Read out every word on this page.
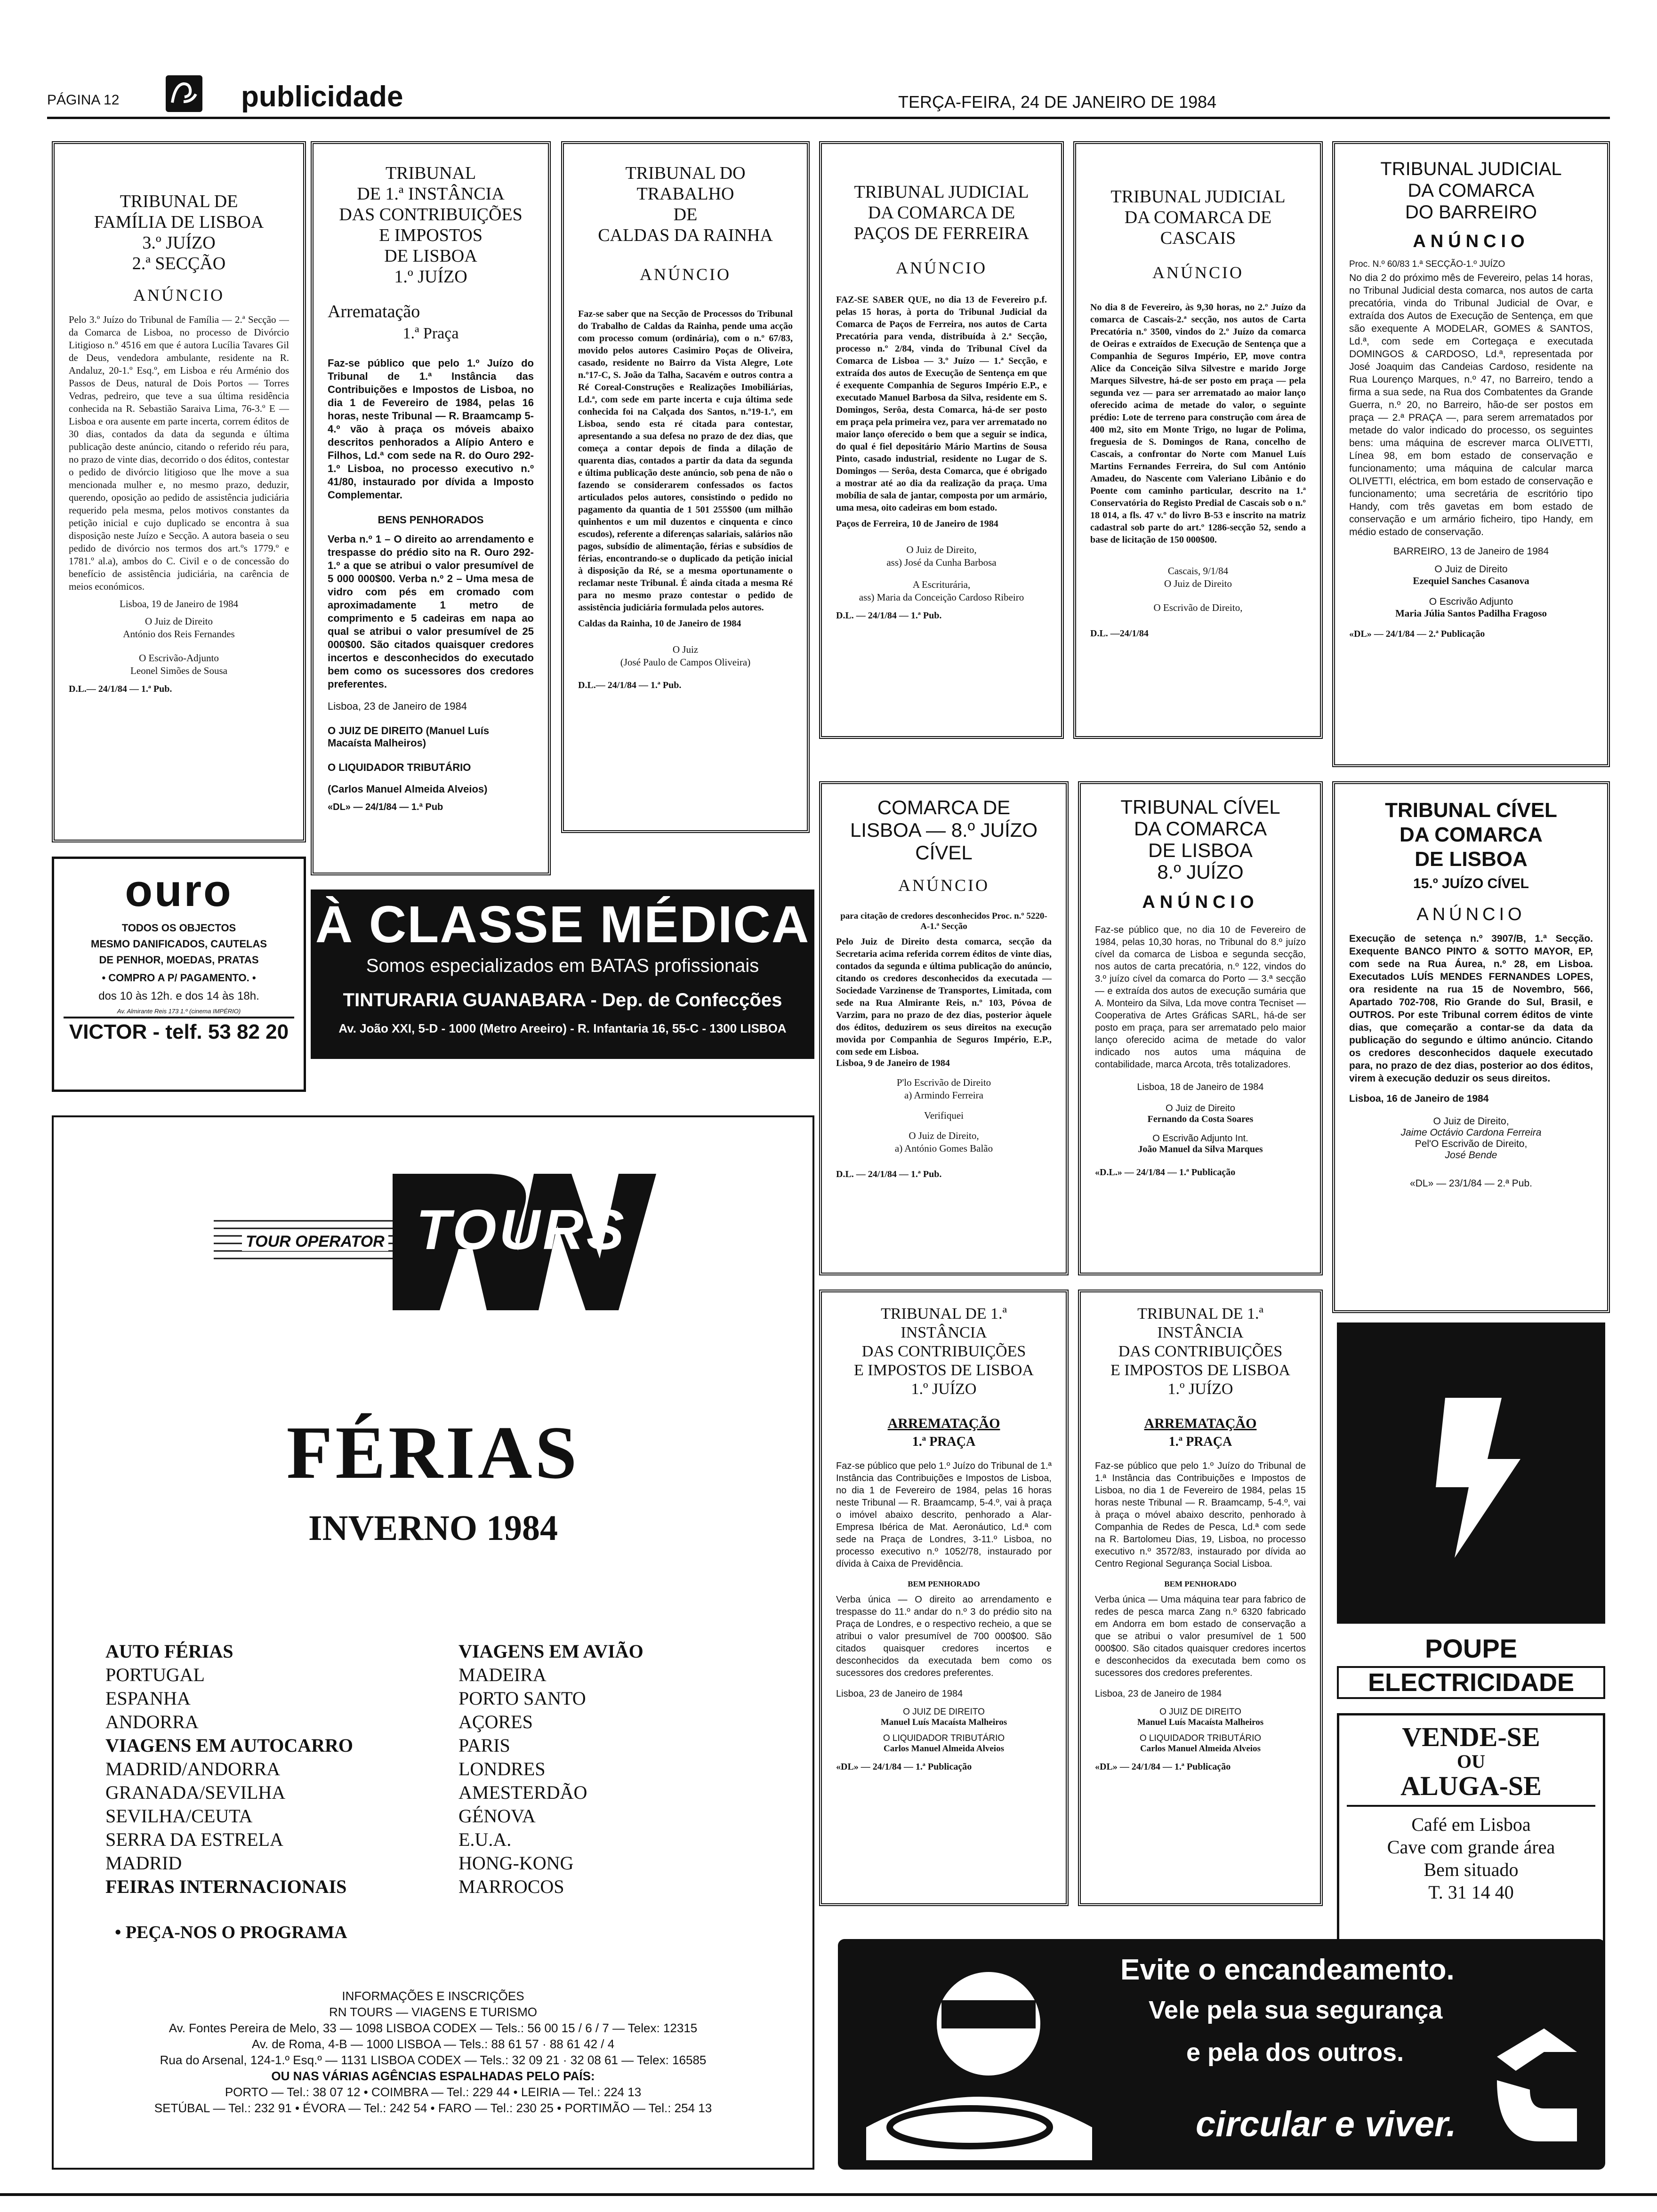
PÁGINA 12	publicidade	TERÇA-FEIRA, 24 DE JANEIRO DE 1984
TRIBUNAL DE
FAMÍLIA DE LISBOA
3.º JUÍZO
2.ª SECÇÃO
ANÚNCIO

Pelo 3.º Juízo do Tribunal de Família — 2.ª Secção — da Comarca de Lisboa, no processo de Divórcio Litigioso n.º 4516 em que é autora Lucília Tavares Gil de Deus, vendedora ambulante, residente na R. Andaluz, 20-1.º Esq.º, em Lisboa e réu Arménio dos Passos de Deus, natural de Dois Portos — Torres Vedras, pedreiro, que teve a sua última residência conhecida na R. Sebastião Saraiva Lima, 76-3.º E — Lisboa e ora ausente em parte incerta, correm éditos de 30 dias, contados da data da segunda e última publicação deste anúncio, citando o referido réu para, no prazo de vinte dias, decorrido o dos éditos, contestar o pedido de divórcio litigioso que lhe move a sua mencionada mulher e, no mesmo prazo, deduzir, querendo, oposição ao pedido de assistência judiciária requerido pela mesma, pelos motivos constantes da petição inicial e cujo duplicado se encontra à sua disposição neste Juízo e Secção. A autora baseia o seu pedido de divórcio nos termos dos art.ºs 1779.º e 1781.º al.a), ambos do C. Civil e o de concessão do benefício de assistência judiciária, na carência de meios económicos.

Lisboa, 19 de Janeiro de 1984
O Juiz de Direito
António dos Reis Fernandes
O Escrivão-Adjunto
Leonel Simões de Sousa
D.L.— 24/1/84 — 1.ª Pub.
TRIBUNAL
DE 1.ª INSTÂNCIA
DAS CONTRIBUIÇÕES
E IMPOSTOS
DE LISBOA
1.º JUÍZO
Arrematação
1.ª Praça

Faz-se público que pelo 1.º Juízo do Tribunal de 1.ª Instância das Contribuições e Impostos de Lisboa, no dia 1 de Fevereiro de 1984, pelas 16 horas, neste Tribunal — R. Braamcamp 5-4.º vão à praça os móveis abaixo descritos penhorados a Alípio Antero e Filhos, Ld.ª com sede na R. do Ouro 292-1.º Lisboa, no processo executivo n.º 41/80, instaurado por dívida a Imposto Complementar.

BENS PENHORADOS

Verba n.º 1 – O direito ao arrendamento e trespasse do prédio sito na R. Ouro 292-1.º a que se atribui o valor presumível de 5 000 000$00. Verba n.º 2 – Uma mesa de vidro com pés em cromado com aproximadamente 1 metro de comprimento e 5 cadeiras em napa ao qual se atribui o valor presumível de 25 000$00. São citados quaisquer credores incertos e desconhecidos do executado bem como os sucessores dos credores preferentes.

Lisboa, 23 de Janeiro de 1984
O JUIZ DE DIREITO (Manuel Luís Macaísta Malheiros)
O LIQUIDADOR TRIBUTÁRIO
(Carlos Manuel Almeida Alveios)
«DL» — 24/1/84 — 1.ª Pub
TRIBUNAL DO
TRABALHO
DE
CALDAS DA RAINHA
ANÚNCIO

Faz-se saber que na Secção de Processos do Tribunal do Trabalho de Caldas da Rainha, pende uma acção com processo comum (ordinária), com o n.º 67/83, movido pelos autores Casimiro Poças de Oliveira, casado, residente no Bairro da Vista Alegre, Lote n.º17-C, S. João da Talha, Sacavém e outros contra a Ré Coreal-Construções e Realizações Imobiliárias, Ld.ª, com sede em parte incerta e cuja última sede conhecida foi na Calçada dos Santos, n.º19-1.º, em Lisboa, sendo esta ré citada para contestar, apresentando a sua defesa no prazo de dez dias, que começa a contar depois de finda a dilação de quarenta dias, contados a partir da data da segunda e última publicação deste anúncio, sob pena de não o fazendo se considerarem confessados os factos articulados pelos autores, consistindo o pedido no pagamento da quantia de 1 501 255$00 (um milhão quinhentos e um mil duzentos e cinquenta e cinco escudos), referente a diferenças salariais, salários não pagos, subsídio de alimentação, férias e subsídios de férias, encontrando-se o duplicado da petição inicial à disposição da Ré, se a mesma oportunamente o reclamar neste Tribunal. É ainda citada a mesma Ré para no mesmo prazo contestar o pedido de assistência judiciária formulada pelos autores.

Caldas da Rainha, 10 de Janeiro de 1984
O Juiz
(José Paulo de Campos Oliveira)
D.L.— 24/1/84 — 1.ª Pub.
TRIBUNAL JUDICIAL
DA COMARCA DE
PAÇOS DE FERREIRA
ANÚNCIO

FAZ-SE SABER QUE, no dia 13 de Fevereiro p.f. pelas 15 horas, à porta do Tribunal Judicial da Comarca de Paços de Ferreira, nos autos de Carta Precatória para venda, distribuída à 2.ª Secção, processo n.º 2/84, vinda do Tribunal Cível da Comarca de Lisboa — 3.º Juízo — 1.ª Secção, e extraída dos autos de Execução de Sentença em que é exequente Companhia de Seguros Império E.P., e executado Manuel Barbosa da Silva, residente em S. Domingos, Serôa, desta Comarca, há-de ser posto em praça pela primeira vez, para ver arrematado no maior lanço oferecido o bem que a seguir se indica, do qual é fiel depositário Mário Martins de Sousa Pinto, casado industrial, residente no Lugar de S. Domingos — Serôa, desta Comarca, que é obrigado a mostrar até ao dia da realização da praça. Uma mobília de sala de jantar, composta por um armário, uma mesa, oito cadeiras em bom estado.

Paços de Ferreira, 10 de Janeiro de 1984
O Juiz de Direito,
ass) José da Cunha Barbosa
A Escriturária,
ass) Maria da Conceição Cardoso Ribeiro
D.L. — 24/1/84 — 1.ª Pub.
TRIBUNAL JUDICIAL
DA COMARCA DE
CASCAIS
ANÚNCIO

No dia 8 de Fevereiro, às 9,30 horas, no 2.º Juízo da comarca de Cascais-2.ª secção, nos autos de Carta Precatória n.º 3500, vindos do 2.º Juízo da comarca de Oeiras e extraídos de Execução de Sentença que a Companhia de Seguros Império, EP, move contra Alice da Conceição Silva Silvestre e marido Jorge Marques Silvestre, há-de ser posto em praça — pela segunda vez — para ser arrematado ao maior lanço oferecido acima de metade do valor, o seguinte prédio: Lote de terreno para construção com área de 400 m2, sito em Monte Trigo, no lugar de Polima, freguesia de S. Domingos de Rana, concelho de Cascais, a confrontar do Norte com Manuel Luís Martins Fernandes Ferreira, do Sul com António Amadeu, do Nascente com Valeriano Libânio e do Poente com caminho particular, descrito na 1.ª Conservatória do Registo Predial de Cascais sob o n.º 18 014, a fls. 47 v.º do livro B-53 e inscrito na matriz cadastral sob parte do art.º 1286-secção 52, sendo a base de licitação de 150 000$00.

Cascais, 9/1/84
O Juiz de Direito
O Escrivão de Direito,
D.L. —24/1/84
TRIBUNAL JUDICIAL
DA COMARCA
DO BARREIRO
ANÚNCIO
Proc. N.º 60/83 1.ª SECÇÃO-1.º JUÍZO

No dia 2 do próximo mês de Fevereiro, pelas 14 horas, no Tribunal Judicial desta comarca, nos autos de carta precatória, vinda do Tribunal Judicial de Ovar, e extraída dos Autos de Execução de Sentença, em que são exequente A MODELAR, GOMES & SANTOS, Ld.ª, com sede em Cortegaça e executada DOMINGOS & CARDOSO, Ld.ª, representada por José Joaquim das Candeias Cardoso, residente na Rua Lourenço Marques, n.º 47, no Barreiro, tendo a firma a sua sede, na Rua dos Combatentes da Grande Guerra, n.º 20, no Barreiro, hão-de ser postos em praça — 2.ª PRAÇA —, para serem arrematados por metade do valor indicado do processo, os seguintes bens: uma máquina de escrever marca OLIVETTI, Línea 98, em bom estado de conservação e funcionamento; uma máquina de calcular marca OLIVETTI, eléctrica, em bom estado de conservação e funcionamento; uma secretária de escritório tipo Handy, com três gavetas em bom estado de conservação e um armário ficheiro, tipo Handy, em médio estado de conservação.

BARREIRO, 13 de Janeiro de 1984
O Juiz de Direito
Ezequiel Sanches Casanova
O Escrivão Adjunto
Maria Júlia Santos Padilha Fragoso
«DL» — 24/1/84 — 2.ª Publicação
ouro
TODOS OS OBJECTOS
MESMO DANIFICADOS, CAUTELAS
DE PENHOR, MOEDAS, PRATAS
• COMPRO A P/ PAGAMENTO. •
dos 10 às 12h. e dos 14 às 18h.
Av. Almirante Reis 173 1.º (cinema IMPÉRIO)
VICTOR - telf. 53 82 20
À CLASSE MÉDICA
Somos especializados em BATAS profissionais
TINTURARIA GUANABARA - Dep. de Confecções
Av. João XXI, 5-D - 1000 (Metro Areeiro) - R. Infantaria 16, 55-C - 1300 LISBOA
TOUR OPERATOR TOURS
FÉRIAS
INVERNO 1984
AUTO FÉRIAS
PORTUGAL
ESPANHA
ANDORRA
VIAGENS EM AUTOCARRO
MADRID/ANDORRA
GRANADA/SEVILHA
SEVILHA/CEUTA
SERRA DA ESTRELA
MADRID
FEIRAS INTERNACIONAIS
VIAGENS EM AVIÃO
MADEIRA
PORTO SANTO
AÇORES
PARIS
LONDRES
AMESTERDÃO
GÉNOVA
E.U.A.
HONG-KONG
MARROCOS
• PEÇA-NOS O PROGRAMA
INFORMAÇÕES E INSCRIÇÕES
RN TOURS — VIAGENS E TURISMO
Av. Fontes Pereira de Melo, 33 — 1098 LISBOA CODEX — Tels.: 56 00 15 / 6 / 7 — Telex: 12315
Av. de Roma, 4-B — 1000 LISBOA — Tels.: 88 61 57 · 88 61 42 / 4
Rua do Arsenal, 124-1.º Esq.º — 1131 LISBOA CODEX — Tels.: 32 09 21 · 32 08 61 — Telex: 16585
OU NAS VÁRIAS AGÊNCIAS ESPALHADAS PELO PAÍS:
PORTO — Tel.: 38 07 12 • COIMBRA — Tel.: 229 44 • LEIRIA — Tel.: 224 13
SETÚBAL — Tel.: 232 91 • ÉVORA — Tel.: 242 54 • FARO — Tel.: 230 25 • PORTIMÃO — Tel.: 254 13
COMARCA DE
LISBOA — 8.º JUÍZO
CÍVEL
ANÚNCIO
para citação de credores desconhecidos Proc. n.º 5220-A-1.ª Secção

Pelo Juiz de Direito desta comarca, secção da Secretaria acima referida correm éditos de vinte dias, contados da segunda e última publicação do anúncio, citando os credores desconhecidos da executada — Sociedade Varzinense de Transportes, Limitada, com sede na Rua Almirante Reis, n.º 103, Póvoa de Varzim, para no prazo de dez dias, posterior àquele dos éditos, deduzirem os seus direitos na execução movida por Companhia de Seguros Império, E.P., com sede em Lisboa.

Lisboa, 9 de Janeiro de 1984
P'lo Escrivão de Direito
a) Armindo Ferreira
Verifiquei
O Juiz de Direito,
a) António Gomes Balão
D.L. — 24/1/84 — 1.ª Pub.
TRIBUNAL CÍVEL
DA COMARCA
DE LISBOA
8.º JUÍZO
ANÚNCIO

Faz-se público que, no dia 10 de Fevereiro de 1984, pelas 10,30 horas, no Tribunal do 8.º juízo cível da comarca de Lisboa e segunda secção, nos autos de carta precatória, n.º 122, vindos do 3.º juízo cível da comarca do Porto — 3.ª secção — e extraída dos autos de execução sumária que A. Monteiro da Silva, Lda move contra Tecniset — Cooperativa de Artes Gráficas SARL, há-de ser posto em praça, para ser arrematado pelo maior lanço oferecido acima de metade do valor indicado nos autos uma máquina de contabilidade, marca Arcota, três totalizadores.

Lisboa, 18 de Janeiro de 1984
O Juiz de Direito
Fernando da Costa Soares
O Escrivão Adjunto Int.
João Manuel da Silva Marques
«D.L.» — 24/1/84 — 1.ª Publicação
TRIBUNAL CÍVEL
DA COMARCA
DE LISBOA
15.º JUÍZO CÍVEL
ANÚNCIO

Execução de setença n.º 3907/B, 1.ª Secção. Exequente BANCO PINTO & SOTTO MAYOR, EP, com sede na Rua Áurea, n.º 28, em Lisboa. Executados LUÍS MENDES FERNANDES LOPES, ora residente na rua 15 de Novembro, 566, Apartado 702-708, Rio Grande do Sul, Brasil, e OUTROS. Por este Tribunal correm éditos de vinte dias, que começarão a contar-se da data da publicação do segundo e último anúncio. Citando os credores desconhecidos daquele executado para, no prazo de dez dias, posterior ao dos éditos, virem à execução deduzir os seus direitos.

Lisboa, 16 de Janeiro de 1984
O Juiz de Direito,
Jaime Octávio Cardona Ferreira
Pel'O Escrivão de Direito,
José Bende
«DL» — 23/1/84 — 2.ª Pub.
TRIBUNAL DE 1.ª INSTÂNCIA
DAS CONTRIBUIÇÕES
E IMPOSTOS DE LISBOA
1.º JUÍZO
ARREMATAÇÃO
1.ª PRAÇA

Faz-se público que pelo 1.º Juízo do Tribunal de 1.ª Instância das Contribuições e Impostos de Lisboa, no dia 1 de Fevereiro de 1984, pelas 16 horas neste Tribunal — R. Braamcamp, 5-4.º, vai à praça o imóvel abaixo descrito, penhorado a Alar-Empresa Ibérica de Mat. Aeronáutico, Ld.ª com sede na Praça de Londres, 3-11.º Lisboa, no processo executivo n.º 1052/78, instaurado por dívida à Caixa de Previdência.

BEM PENHORADO

Verba única — O direito ao arrendamento e trespasse do 11.º andar do n.º 3 do prédio sito na Praça de Londres, e o respectivo recheio, a que se atribui o valor presumível de 700 000$00. São citados quaisquer credores incertos e desconhecidos da executada bem como os sucessores dos credores preferentes.

Lisboa, 23 de Janeiro de 1984
O JUIZ DE DIREITO
Manuel Luís Macaísta Malheiros
O LIQUIDADOR TRIBUTÁRIO
Carlos Manuel Almeida Alveios
«DL» — 24/1/84 — 1.ª Publicação
TRIBUNAL DE 1.ª INSTÂNCIA
DAS CONTRIBUIÇÕES
E IMPOSTOS DE LISBOA
1.º JUÍZO
ARREMATAÇÃO
1.ª PRAÇA

Faz-se público que pelo 1.º Juízo do Tribunal de 1.ª Instância das Contribuições e Impostos de Lisboa, no dia 1 de Fevereiro de 1984, pelas 15 horas neste Tribunal — R. Braamcamp, 5-4.º, vai à praça o móvel abaixo descrito, penhorado à Companhia de Redes de Pesca, Ld.ª com sede na R. Bartolomeu Dias, 19, Lisboa, no processo executivo n.º 3572/83, instaurado por dívida ao Centro Regional Segurança Social Lisboa.

BEM PENHORADO

Verba única — Uma máquina tear para fabrico de redes de pesca marca Zang n.º 6320 fabricado em Andorra em bom estado de conservação a que se atribui o valor presumível de 1 500 000$00. São citados quaisquer credores incertos e desconhecidos da executada bem como os sucessores dos credores preferentes.

Lisboa, 23 de Janeiro de 1984
O JUIZ DE DIREITO
Manuel Luís Macaísta Malheiros
O LIQUIDADOR TRIBUTÁRIO
Carlos Manuel Almeida Alveios
«DL» — 24/1/84 — 1.ª Publicação
POUPE
ELECTRICIDADE
VENDE-SE
OU
ALUGA-SE
Café em Lisboa
Cave com grande área
Bem situado
T. 31 14 40
Evite o encandeamento.
Vele pela sua segurança
e pela dos outros.
circular e viver.
